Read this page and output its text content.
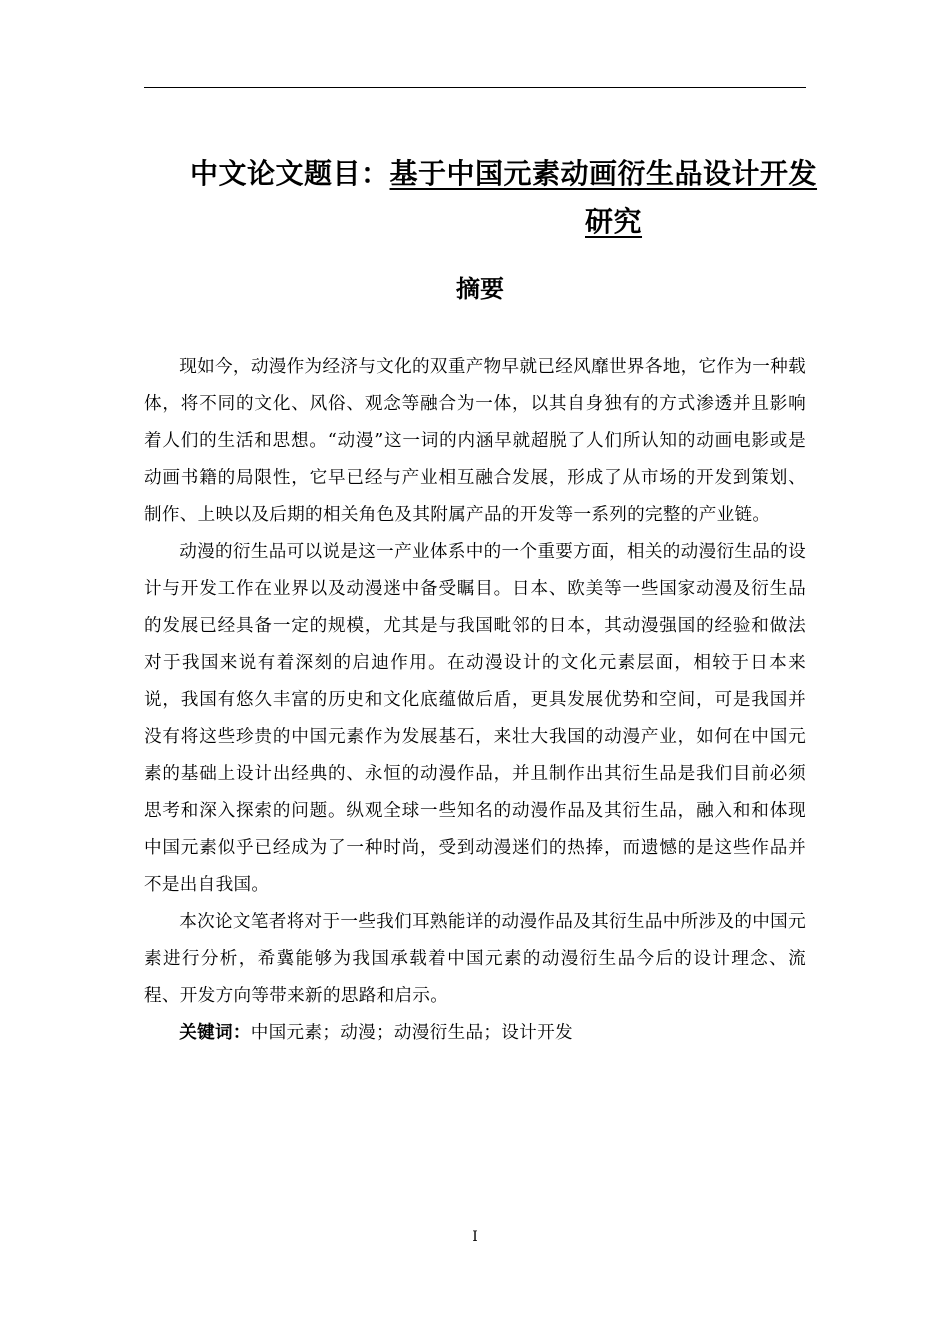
中文论文题目：基于中国元素动画衍生品设计开发
研究
摘要

现如今，动漫作为经济与文化的双重产物早就已经风靡世界各地，它作为一种载体，将不同的文化、风俗、观念等融合为一体，以其自身独有的方式渗透并且影响着人们的生活和思想。“动漫”这一词的内涵早就超脱了人们所认知的动画电影或是动画书籍的局限性，它早已经与产业相互融合发展，形成了从市场的开发到策划、制作、上映以及后期的相关角色及其附属产品的开发等一系列的完整的产业链。

动漫的衍生品可以说是这一产业体系中的一个重要方面，相关的动漫衍生品的设计与开发工作在业界以及动漫迷中备受瞩目。日本、欧美等一些国家动漫及衍生品的发展已经具备一定的规模，尤其是与我国毗邻的日本，其动漫强国的经验和做法对于我国来说有着深刻的启迪作用。在动漫设计的文化元素层面，相较于日本来说，我国有悠久丰富的历史和文化底蕴做后盾，更具发展优势和空间，可是我国并没有将这些珍贵的中国元素作为发展基石，来壮大我国的动漫产业，如何在中国元素的基础上设计出经典的、永恒的动漫作品，并且制作出其衍生品是我们目前必须思考和深入探索的问题。纵观全球一些知名的动漫作品及其衍生品，融入和和体现中国元素似乎已经成为了一种时尚，受到动漫迷们的热捧，而遗憾的是这些作品并不是出自我国。

本次论文笔者将对于一些我们耳熟能详的动漫作品及其衍生品中所涉及的中国元素进行分析，希冀能够为我国承载着中国元素的动漫衍生品今后的设计理念、流程、开发方向等带来新的思路和启示。

关键词：中国元素；动漫；动漫衍生品；设计开发

I
